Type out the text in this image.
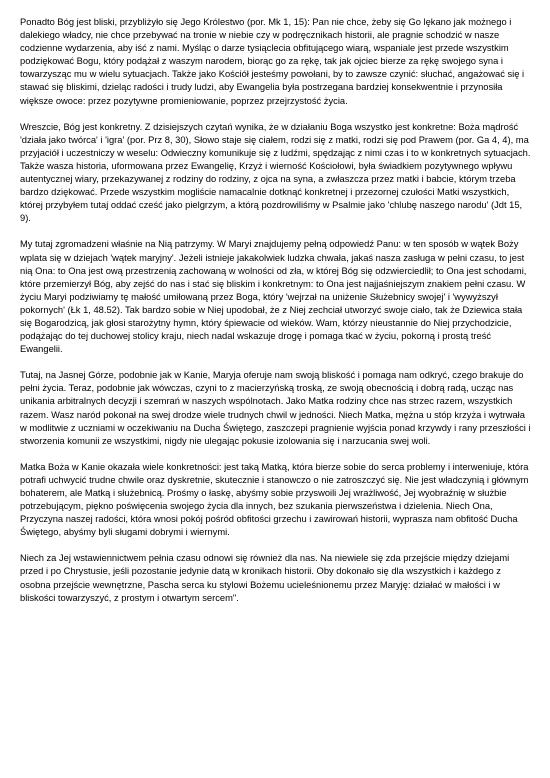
Ponadto Bóg jest bliski, przybliżyło się Jego Królestwo (por. Mk 1, 15): Pan nie chce, żeby się Go lękano jak możnego i dalekiego władcy, nie chce przebywać na tronie w niebie czy w podręcznikach historii, ale pragnie schodzić w nasze codzienne wydarzenia, aby iść z nami. Myśląc o darze tysiąclecia obfitującego wiarą, wspaniale jest przede wszystkim podziękować Bogu, który podążał z waszym narodem, biorąc go za rękę, tak jak ojciec bierze za rękę swojego syna i towarzysząc mu w wielu sytuacjach. Także jako Kościół jesteśmy powołani, by to zawsze czynić: słuchać, angażować się i stawać się bliskimi, dzieląc radości i trudy ludzi, aby Ewangelia była postrzegana bardziej konsekwentnie i przynosiła większe owoce: przez pozytywne promieniowanie, poprzez przejrzystość życia.

Wreszcie, Bóg jest konkretny. Z dzisiejszych czytań wynika, że w działaniu Boga wszystko jest konkretne: Boża mądrość 'działa jako twórca' i 'igra' (por. Prz 8, 30), Słowo staje się ciałem, rodzi się z matki, rodzi się pod Prawem (por. Ga 4, 4), ma przyjaciół i uczestniczy w weselu: Odwieczny komunikuje się z ludźmi, spędzając z nimi czas i to w konkretnych sytuacjach. Także wasza historia, uformowana przez Ewangelię, Krzyż i wierność Kościołowi, była świadkiem pozytywnego wpływu autentycznej wiary, przekazywanej z rodziny do rodziny, z ojca na syna, a zwłaszcza przez matki i babcie, którym trzeba bardzo dziękować. Przede wszystkim mogliście namacalnie dotknąć konkretnej i przezornej czułości Matki wszystkich, której przybyłem tutaj oddać cześć jako pielgrzym, a którą pozdrowiliśmy w Psalmie jako 'chlubę naszego narodu' (Jdt 15, 9).

My tutaj zgromadzeni właśnie na Nią patrzymy. W Maryi znajdujemy pełną odpowiedź Panu: w ten sposób w wątek Boży wplata się w dziejach 'wątek maryjny'. Jeżeli istnieje jakakolwiek ludzka chwała, jakaś nasza zasługa w pełni czasu, to jest nią Ona: to Ona jest ową przestrzenią zachowaną w wolności od zła, w której Bóg się odzwierciedlił; to Ona jest schodami, które przemierzył Bóg, aby zejść do nas i stać się bliskim i konkretnym: to Ona jest najjaśniejszym znakiem pełni czasu. W życiu Maryi podziwiamy tę małość umiłowaną przez Boga, który 'wejrzał na uniżenie Służebnicy swojej' i 'wywyższył pokornych' (Łk 1, 48.52). Tak bardzo sobie w Niej upodobał, że z Niej zechciał utworzyć swoje ciało, tak że Dziewica stała się Bogarodzicą, jak głosi starożytny hymn, który śpiewacie od wieków. Wam, którzy nieustannie do Niej przychodzicie, podążając do tej duchowej stolicy kraju, niech nadal wskazuje drogę i pomaga tkać w życiu, pokorną i prostą treść Ewangelii.

Tutaj, na Jasnej Górze, podobnie jak w Kanie, Maryja oferuje nam swoją bliskość i pomaga nam odkryć, czego brakuje do pełni życia. Teraz, podobnie jak wówczas, czyni to z macierzyńską troską, ze swoją obecnością i dobrą radą, ucząc nas unikania arbitralnych decyzji i szemrań w naszych wspólnotach. Jako Matka rodziny chce nas strzec razem, wszystkich razem. Wasz naród pokonał na swej drodze wiele trudnych chwil w jedności. Niech Matka, mężna u stóp krzyża i wytrwała w modlitwie z uczniami w oczekiwaniu na Ducha Świętego, zaszczepi pragnienie wyjścia ponad krzywdy i rany przeszłości i stworzenia komunii ze wszystkimi, nigdy nie ulegając pokusie izolowania się i narzucania swej woli.

Matka Boża w Kanie okazała wiele konkretności: jest taką Matką, która bierze sobie do serca problemy i interweniuje, która potrafi uchwycić trudne chwile oraz dyskretnie, skutecznie i stanowczo o nie zatroszczyć się. Nie jest władczynią i głównym bohaterem, ale Matką i służebnicą. Prośmy o łaskę, abyśmy sobie przyswoili Jej wrażliwość, Jej wyobraźnię w służbie potrzebującym, piękno poświęcenia swojego życia dla innych, bez szukania pierwszeństwa i dzielenia. Niech Ona, Przyczyna naszej radości, która wnosi pokój pośród obfitości grzechu i zawirowań historii, wyprasza nam obfitość Ducha Świętego, abyśmy byli sługami dobrymi i wiernymi.

Niech za Jej wstawiennictwem pełnia czasu odnowi się również dla nas. Na niewiele się zda przejście między dziejami przed i po Chrystusie, jeśli pozostanie jedynie datą w kronikach historii. Oby dokonało się dla wszystkich i każdego z osobna przejście wewnętrzne, Pascha serca ku stylowi Bożemu ucieleśnionemu przez Maryję: działać w małości i w bliskości towarzyszyć, z prostym i otwartym sercem".
